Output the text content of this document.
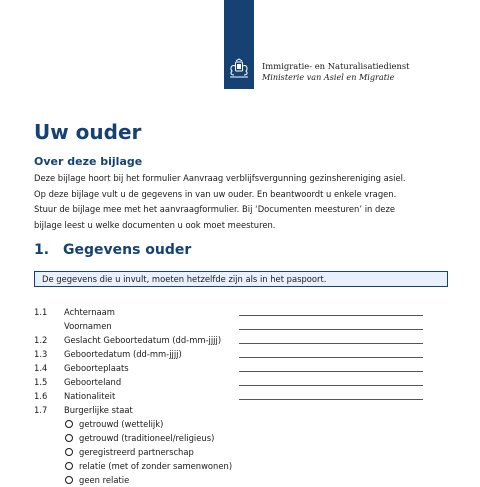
Immigratie- en Naturalisatiedienst
Ministerie van Asiel en Migratie
Uw ouder
Over deze bijlage
Deze bijlage hoort bij het formulier Aanvraag verblijfsvergunning gezinshereniging asiel.
Op deze bijlage vult u de gegevens in van uw ouder. En beantwoordt u enkele vragen.
Stuur de bijlage mee met het aanvraagformulier. Bij ‘Documenten meesturen’ in deze
bijlage leest u welke documenten u ook moet meesturen.
1. Gegevens ouder
De gegevens die u invult, moeten hetzelfde zijn als in het paspoort.
1.1 Achternaam
Voornamen
1.2 Geslacht Geboortedatum (dd-mm-jjjj)
1.3 Geboortedatum (dd-mm-jjjj)
1.4 Geboorteplaats
1.5 Geboorteland
1.6 Nationaliteit
1.7 Burgerlijke staat
getrouwd (wettelijk)
getrouwd (traditioneel/religieus)
geregistreerd partnerschap
relatie (met of zonder samenwonen)
geen relatie
